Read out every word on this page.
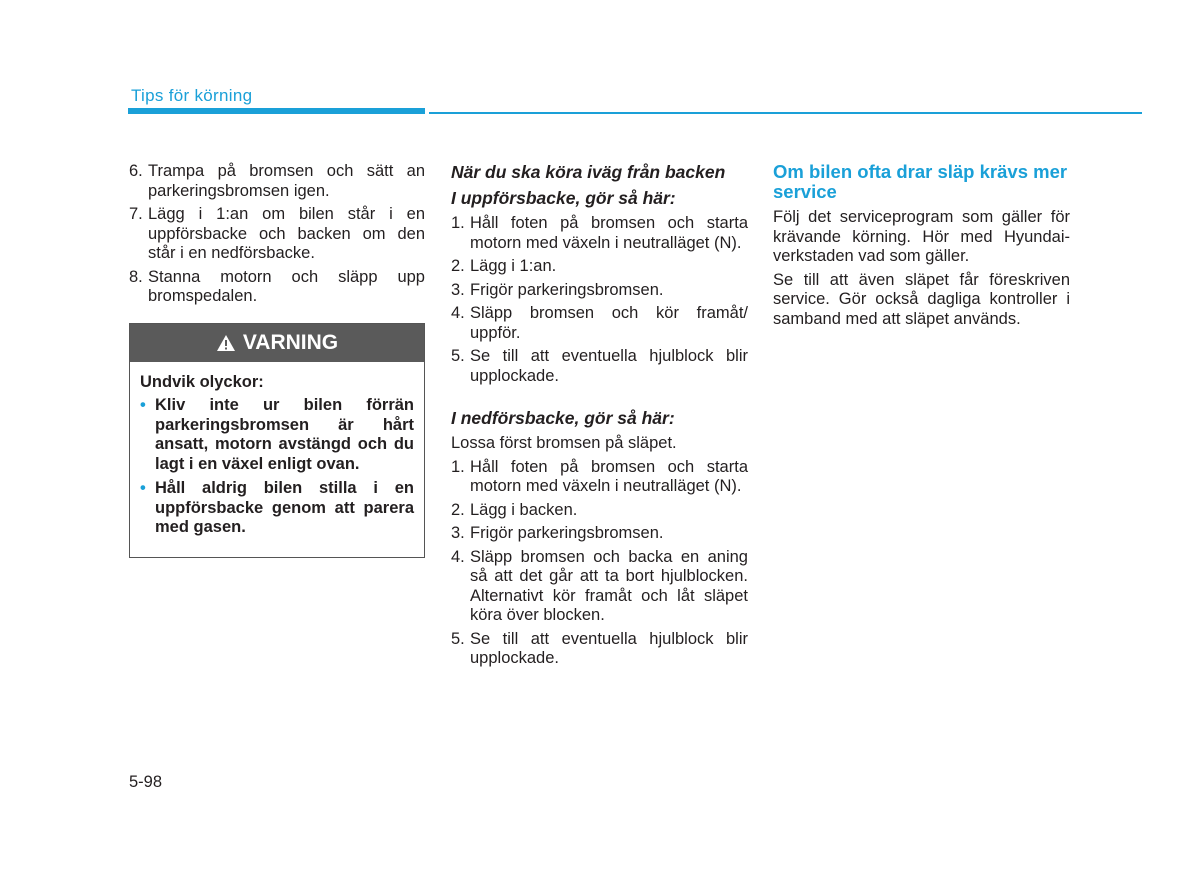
Tips för körning
6. Trampa på bromsen och sätt an parkeringsbromsen igen.
7. Lägg i 1:an om bilen står i en uppförsbacke och backen om den står i en nedförsbacke.
8. Stanna motorn och släpp upp bromspedalen.
VARNING

Undvik olyckor:

• Kliv inte ur bilen förrän parkeringsbromsen är hårt ansatt, motorn avstängd och du lagt i en växel enligt ovan.
• Håll aldrig bilen stilla i en uppförsbacke genom att parera med gasen.

När du ska köra iväg från backen

I uppförsbacke, gör så här:

1. Håll foten på bromsen och starta motorn med växeln i neutralläget (N).
2. Lägg i 1:an.
3. Frigör parkeringsbromsen.
4. Släpp bromsen och kör framåt/ uppför.
5. Se till att eventuella hjulblock blir upplockade.

I nedförsbacke, gör så här:

Lossa först bromsen på släpet.

1. Håll foten på bromsen och starta motorn med växeln i neutralläget (N).
2. Lägg i backen.
3. Frigör parkeringsbromsen.
4. Släpp bromsen och backa en aning så att det går att ta bort hjulblocken. Alternativt kör framåt och låt släpet köra över blocken.
5. Se till att eventuella hjulblock blir upplockade.

Om bilen ofta drar släp krävs mer service

Följ det serviceprogram som gäller för krävande körning. Hör med Hyundai-verkstaden vad som gäller.

Se till att även släpet får föreskriven service. Gör också dagliga kontroller i samband med att släpet används.

5-98
